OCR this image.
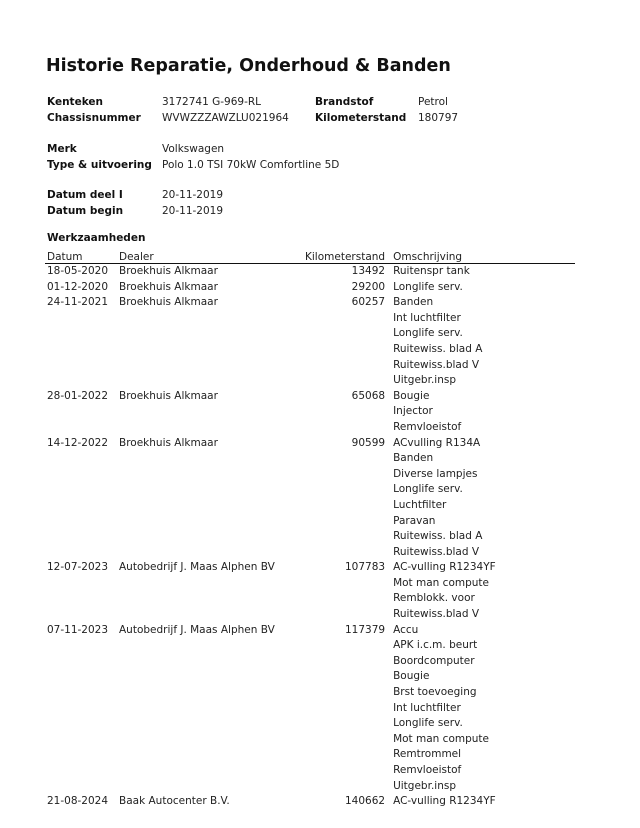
Historie Reparatie, Onderhoud & Banden
Kenteken	3172741 G-969-RL	Brandstof	Petrol
Chassisnummer WVWZZZAWZLU021964 Kilometerstand 180797
Merk	Volkswagen
Type & uitvoering Polo 1.0 TSI 70kW Comfortline 5D
Datum deel I	20-11-2019
Datum begin	20-11-2019
Werkzaamheden
Datum	Dealer	Kilometerstand	Omschrijving
18-05-2020	Broekhuis Alkmaar	13492	Ruitenspr tank
01-12-2020	Broekhuis Alkmaar	29200	Longlife serv.
24-11-2021	Broekhuis Alkmaar	60257	Banden
			Int luchtfilter
			Longlife serv.
			Ruitewiss. blad A
			Ruitewiss.blad V
			Uitgebr.insp
28-01-2022	Broekhuis Alkmaar	65068	Bougie
			Injector
			Remvloeistof
14-12-2022	Broekhuis Alkmaar	90599	ACvulling R134A
			Banden
			Diverse lampjes
			Longlife serv.
			Luchtfilter
			Paravan
			Ruitewiss. blad A
			Ruitewiss.blad V
12-07-2023	Autobedrijf J. Maas Alphen BV	107783	AC-vulling R1234YF
			Mot man compute
			Remblokk. voor
			Ruitewiss.blad V
07-11-2023	Autobedrijf J. Maas Alphen BV	117379	Accu
			APK i.c.m. beurt
			Boordcomputer
			Bougie
			Brst toevoeging
			Int luchtfilter
			Longlife serv.
			Mot man compute
			Remtrommel
			Remvloeistof
			Uitgebr.insp
21-08-2024	Baak Autocenter B.V.	140662	AC-vulling R1234YF
